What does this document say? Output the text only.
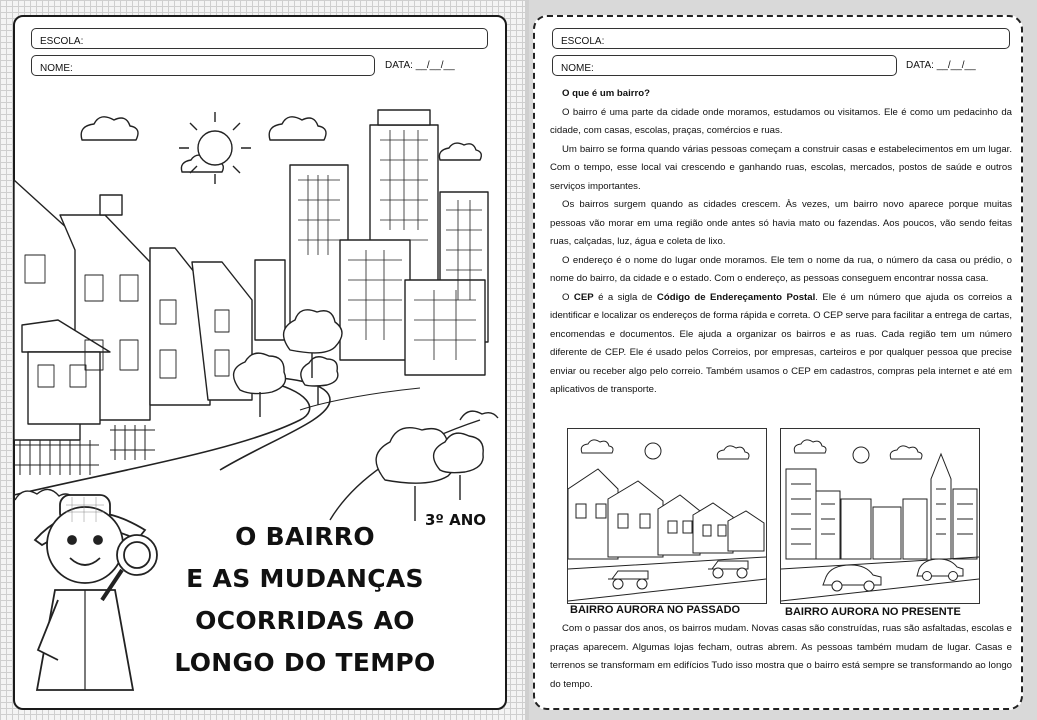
ESCOLA:
NOME:	DATA: __/__/__
3º ANO
O BAIRRO
E AS MUDANÇAS
OCORRIDAS AO
LONGO DO TEMPO
ESCOLA:
NOME:	DATA: __/__/__

O que é um bairro?

O bairro é uma parte da cidade onde moramos, estudamos ou visitamos. Ele é como um pedacinho da cidade, com casas, escolas, praças, comércios e ruas.

Um bairro se forma quando várias pessoas começam a construir casas e estabelecimentos em um lugar. Com o tempo, esse local vai crescendo e ganhando ruas, escolas, mercados, postos de saúde e outros serviços importantes.

Os bairros surgem quando as cidades crescem. Às vezes, um bairro novo aparece porque muitas pessoas vão morar em uma região onde antes só havia mato ou fazendas. Aos poucos, vão sendo feitas ruas, calçadas, luz, água e coleta de lixo.

O endereço é o nome do lugar onde moramos. Ele tem o nome da rua, o número da casa ou prédio, o nome do bairro, da cidade e o estado. Com o endereço, as pessoas conseguem encontrar nossa casa.

O CEP é a sigla de Código de Endereçamento Postal. Ele é um número que ajuda os correios a identificar e localizar os endereços de forma rápida e correta. O CEP serve para facilitar a entrega de cartas, encomendas e documentos. Ele ajuda a organizar os bairros e as ruas. Cada região tem um número diferente de CEP. Ele é usado pelos Correios, por empresas, carteiros e por qualquer pessoa que precise enviar ou receber algo pelo correio. Também usamos o CEP em cadastros, compras pela internet e até em aplicativos de transporte.

BAIRRO AURORA NO PASSADO	BAIRRO AURORA NO PRESENTE

Com o passar dos anos, os bairros mudam. Novas casas são construídas, ruas são asfaltadas, escolas e praças aparecem. Algumas lojas fecham, outras abrem. As pessoas também mudam de lugar. Casas e terrenos se transformam em edifícios Tudo isso mostra que o bairro está sempre se transformando ao longo do tempo.
